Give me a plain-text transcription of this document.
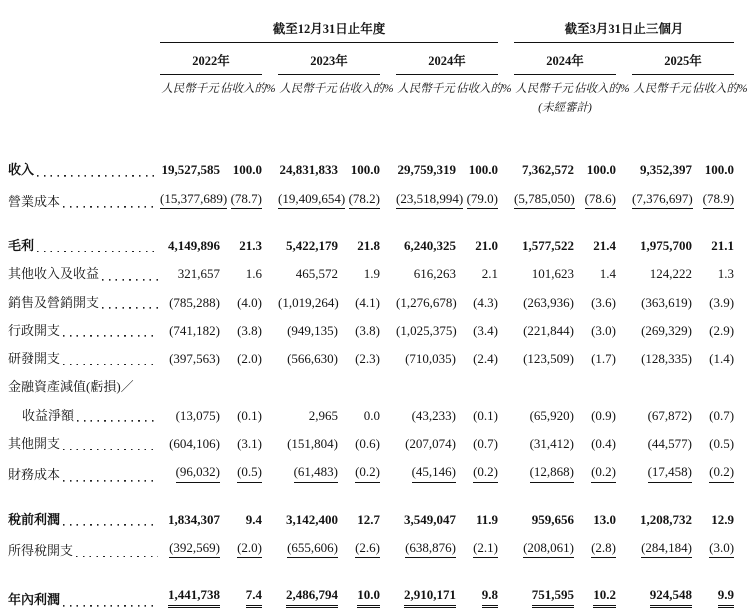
	截至12月31日止年度									截至3月31日止三個月				
	2022年			2023年			2024年			2024年			2025年	
	人民幣千元	佔收入的%		人民幣千元	佔收入的%		人民幣千元	佔收入的%		人民幣千元	佔收入的%		人民幣千元	佔收入的%
										(未經審計)				

收入	19,527,585	100.0		24,831,833	100.0		29,759,319	100.0		7,362,572	100.0		9,352,397	100.0

營業成本	(15,377,689)	(78.7)		(19,409,654)	(78.2)		(23,518,994)	(79.0)		(5,785,050)	(78.6)		(7,376,697)	(78.9)

毛利	4,149,896	21.3		5,422,179	21.8		6,240,325	21.0		1,577,522	21.4		1,975,700	21.1

其他收入及收益	321,657	1.6		465,572	1.9		616,263	2.1		101,623	1.4		124,222	1.3

銷售及營銷開支	(785,288)	(4.0)		(1,019,264)	(4.1)		(1,276,678)	(4.3)		(263,936)	(3.6)		(363,619)	(3.9)

行政開支	(741,182)	(3.8)		(949,135)	(3.8)		(1,025,375)	(3.4)		(221,844)	(3.0)		(269,329)	(2.9)

研發開支	(397,563)	(2.0)		(566,630)	(2.3)		(710,035)	(2.4)		(123,509)	(1.7)		(128,335)	(1.4)

金融資產減值(虧損)／														

收益淨額	(13,075)	(0.1)		2,965	0.0		(43,233)	(0.1)		(65,920)	(0.9)		(67,872)	(0.7)

其他開支	(604,106)	(3.1)		(151,804)	(0.6)		(207,074)	(0.7)		(31,412)	(0.4)		(44,577)	(0.5)

財務成本	(96,032)	(0.5)		(61,483)	(0.2)		(45,146)	(0.2)		(12,868)	(0.2)		(17,458)	(0.2)

稅前利潤	1,834,307	9.4		3,142,400	12.7		3,549,047	11.9		959,656	13.0		1,208,732	12.9

所得稅開支	(392,569)	(2.0)		(655,606)	(2.6)		(638,876)	(2.1)		(208,061)	(2.8)		(284,184)	(3.0)

年內利潤	1,441,738	7.4		2,486,794	10.0		2,910,171	9.8		751,595	10.2		924,548	9.9
